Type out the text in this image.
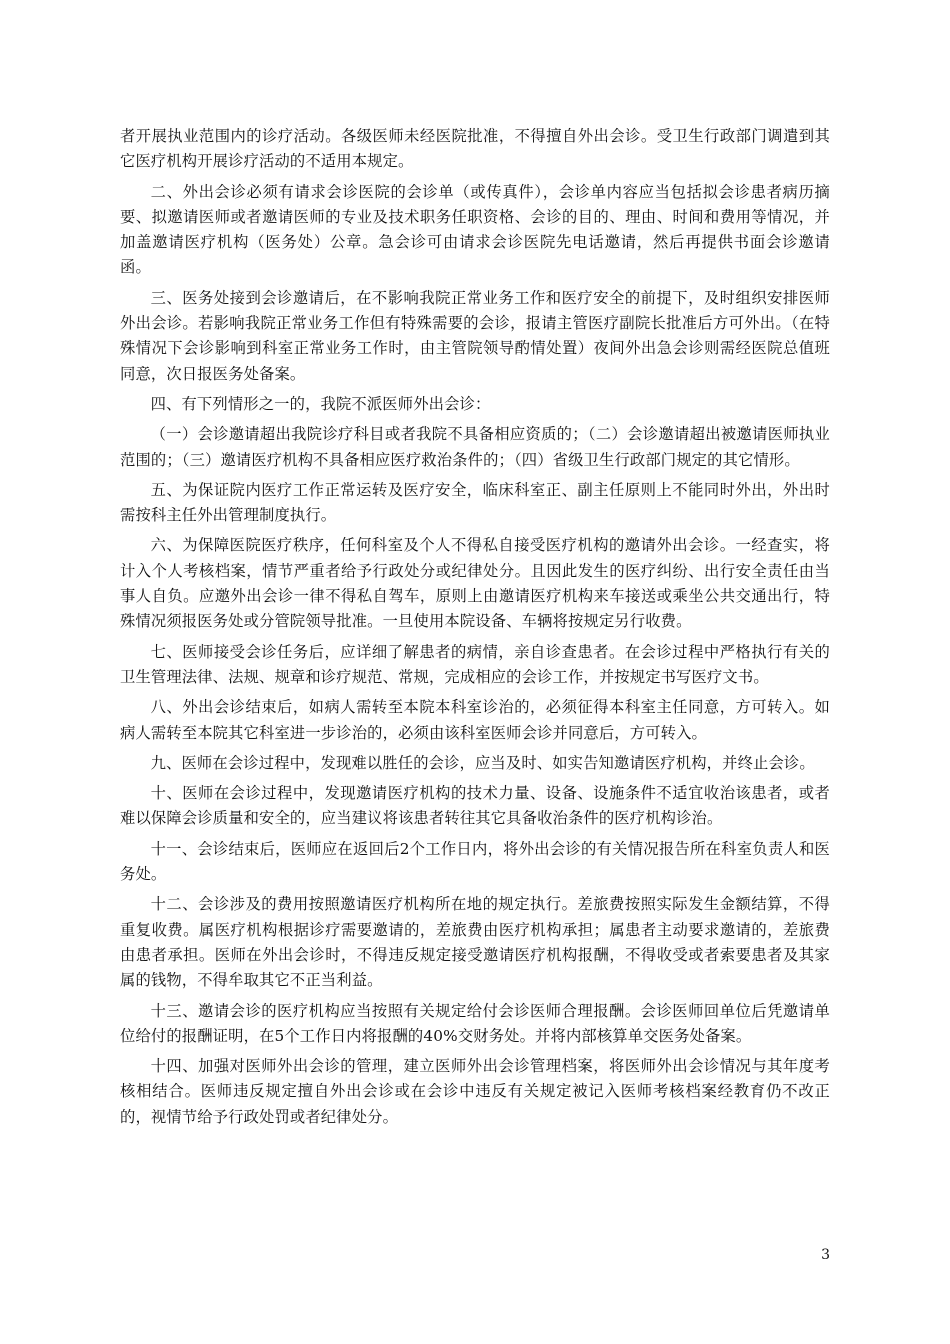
者开展执业范围内的诊疗活动。各级医师未经医院批准，不得擅自外出会诊。受卫生行政部门调遣到其它医疗机构开展诊疗活动的不适用本规定。

二、外出会诊必须有请求会诊医院的会诊单（或传真件），会诊单内容应当包括拟会诊患者病历摘要、拟邀请医师或者邀请医师的专业及技术职务任职资格、会诊的目的、理由、时间和费用等情况，并加盖邀请医疗机构（医务处）公章。急会诊可由请求会诊医院先电话邀请，然后再提供书面会诊邀请函。

三、医务处接到会诊邀请后，在不影响我院正常业务工作和医疗安全的前提下，及时组织安排医师外出会诊。若影响我院正常业务工作但有特殊需要的会诊，报请主管医疗副院长批准后方可外出。（在特殊情况下会诊影响到科室正常业务工作时，由主管院领导酌情处置）夜间外出急会诊则需经医院总值班同意，次日报医务处备案。

四、有下列情形之一的，我院不派医师外出会诊：

（一）会诊邀请超出我院诊疗科目或者我院不具备相应资质的；（二）会诊邀请超出被邀请医师执业范围的；（三）邀请医疗机构不具备相应医疗救治条件的；（四）省级卫生行政部门规定的其它情形。

五、为保证院内医疗工作正常运转及医疗安全，临床科室正、副主任原则上不能同时外出，外出时需按科主任外出管理制度执行。

六、为保障医院医疗秩序，任何科室及个人不得私自接受医疗机构的邀请外出会诊。一经查实，将计入个人考核档案，情节严重者给予行政处分或纪律处分。且因此发生的医疗纠纷、出行安全责任由当事人自负。应邀外出会诊一律不得私自驾车，原则上由邀请医疗机构来车接送或乘坐公共交通出行，特殊情况须报医务处或分管院领导批准。一旦使用本院设备、车辆将按规定另行收费。

七、医师接受会诊任务后，应详细了解患者的病情，亲自诊查患者。在会诊过程中严格执行有关的卫生管理法律、法规、规章和诊疗规范、常规，完成相应的会诊工作，并按规定书写医疗文书。

八、外出会诊结束后，如病人需转至本院本科室诊治的，必须征得本科室主任同意，方可转入。如病人需转至本院其它科室进一步诊治的，必须由该科室医师会诊并同意后，方可转入。

九、医师在会诊过程中，发现难以胜任的会诊，应当及时、如实告知邀请医疗机构，并终止会诊。

十、医师在会诊过程中，发现邀请医疗机构的技术力量、设备、设施条件不适宜收治该患者，或者难以保障会诊质量和安全的，应当建议将该患者转往其它具备收治条件的医疗机构诊治。

十一、会诊结束后，医师应在返回后2个工作日内，将外出会诊的有关情况报告所在科室负责人和医务处。

十二、会诊涉及的费用按照邀请医疗机构所在地的规定执行。差旅费按照实际发生金额结算，不得重复收费。属医疗机构根据诊疗需要邀请的，差旅费由医疗机构承担；属患者主动要求邀请的，差旅费由患者承担。医师在外出会诊时，不得违反规定接受邀请医疗机构报酬，不得收受或者索要患者及其家属的钱物，不得牟取其它不正当利益。

十三、邀请会诊的医疗机构应当按照有关规定给付会诊医师合理报酬。会诊医师回单位后凭邀请单位给付的报酬证明，在5个工作日内将报酬的40%交财务处。并将内部核算单交医务处备案。

十四、加强对医师外出会诊的管理，建立医师外出会诊管理档案，将医师外出会诊情况与其年度考核相结合。医师违反规定擅自外出会诊或在会诊中违反有关规定被记入医师考核档案经教育仍不改正的，视情节给予行政处罚或者纪律处分。

3
